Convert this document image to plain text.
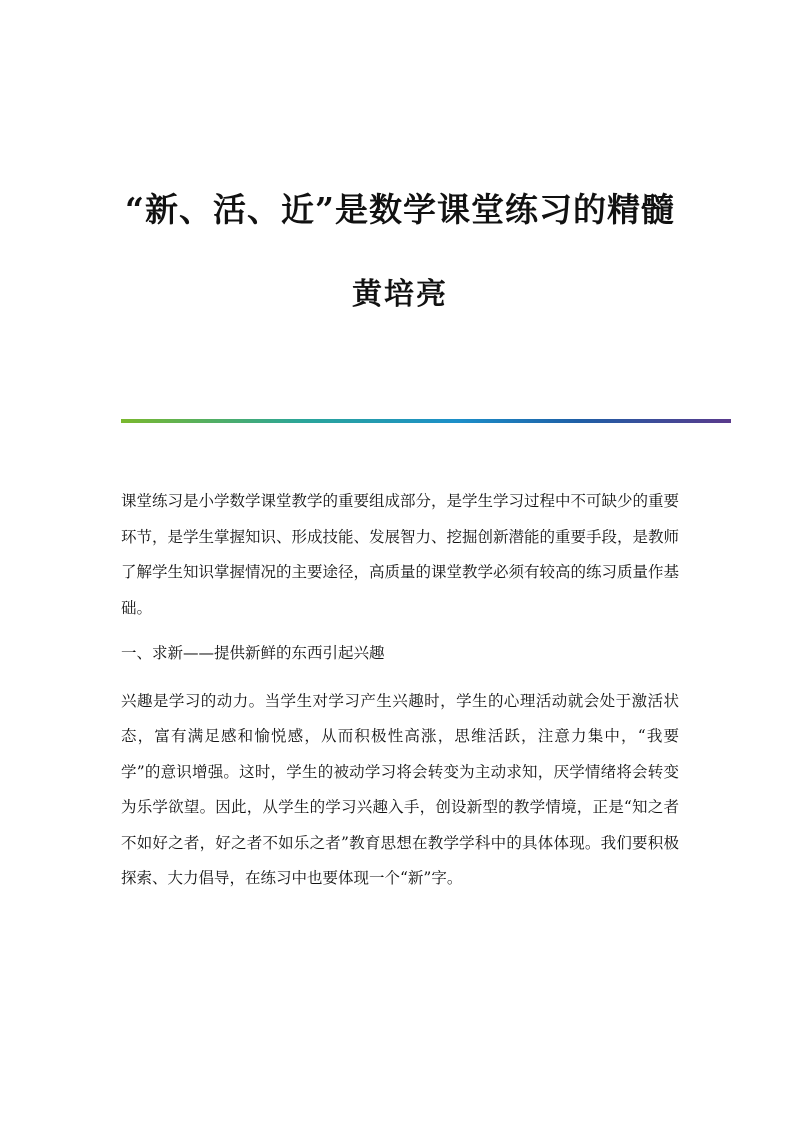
“新、活、近”是数学课堂练习的精髓
黄培亮

课堂练习是小学数学课堂教学的重要组成部分，是学生学习过程中不可缺少的重要环节，是学生掌握知识、形成技能、发展智力、挖掘创新潜能的重要手段，是教师了解学生知识掌握情况的主要途径，高质量的课堂教学必须有较高的练习质量作基础。

一、求新——提供新鲜的东西引起兴趣

兴趣是学习的动力。当学生对学习产生兴趣时，学生的心理活动就会处于激活状态，富有满足感和愉悦感，从而积极性高涨，思维活跃，注意力集中，“我要学”的意识增强。这时，学生的被动学习将会转变为主动求知，厌学情绪将会转变为乐学欲望。因此，从学生的学习兴趣入手，创设新型的教学情境，正是“知之者不如好之者，好之者不如乐之者”教育思想在教学学科中的具体体现。我们要积极探索、大力倡导，在练习中也要体现一个“新”字。
